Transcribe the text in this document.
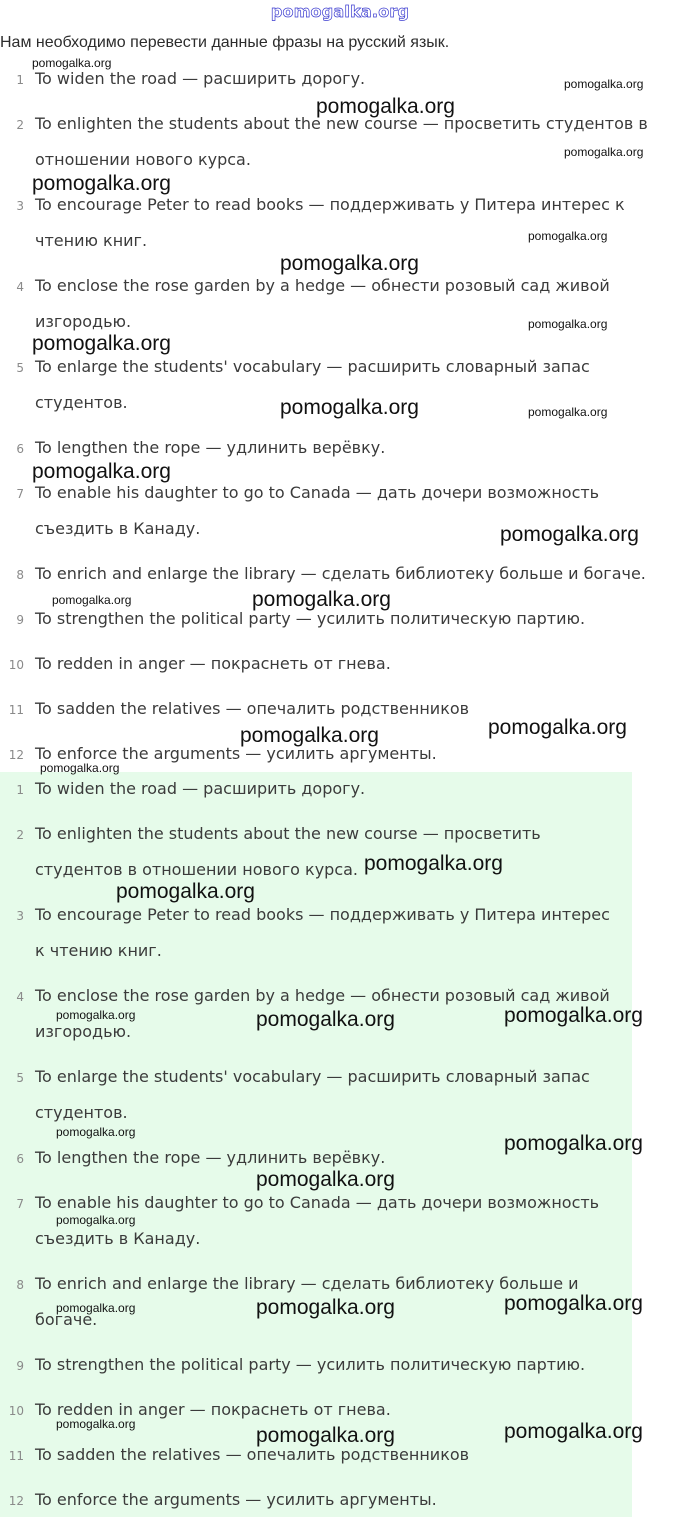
pomogalka.org
Нам необходимо перевести данные фразы на русский язык.
1 To widen the road — расширить дорогу.
2 To enlighten the students about the new course — просветить студентов в
отношении нового курса.
3 To encourage Peter to read books — поддерживать у Питера интерес к
чтению книг.
4 To enclose the rose garden by a hedge — обнести розовый сад живой
изгородью.
5 To enlarge the students' vocabulary — расширить словарный запас
студентов.
6 To lengthen the rope — удлинить верёвку.
7 To enable his daughter to go to Canada — дать дочери возможность
съездить в Канаду.
8 To enrich and enlarge the library — сделать библиотеку больше и богаче.
9 To strengthen the political party — усилить политическую партию.
10 To redden in anger — покраснеть от гнева.
11 To sadden the relatives — опечалить родственников
12 To enforce the arguments — усилить аргументы.
1 To widen the road — расширить дорогу.
2 To enlighten the students about the new course — просветить
студентов в отношении нового курса.
3 To encourage Peter to read books — поддерживать у Питера интерес
к чтению книг.
4 To enclose the rose garden by a hedge — обнести розовый сад живой
изгородью.
5 To enlarge the students' vocabulary — расширить словарный запас
студентов.
6 To lengthen the rope — удлинить верёвку.
7 To enable his daughter to go to Canada — дать дочери возможность
съездить в Канаду.
8 To enrich and enlarge the library — сделать библиотеку больше и
богаче.
9 To strengthen the political party — усилить политическую партию.
10 To redden in anger — покраснеть от гнева.
11 To sadden the relatives — опечалить родственников
12 To enforce the arguments — усилить аргументы.
pomogalka.org
pomogalka.org
pomogalka.org
pomogalka.org
pomogalka.org
pomogalka.org
pomogalka.org
pomogalka.org
pomogalka.org
pomogalka.org
pomogalka.org
pomogalka.org
pomogalka.org	pomogalka.org
pomogalka.org
pomogalka.org
pomogalka.org	pomogalka.org
pomogalka.org	pomogalka.org
pomogalka.org
pomogalka.org
pomogalka.org
pomogalka.org
pomogalka.org
pomogalka.org
pomogalka.org
pomogalka.org
pomogalka.org
pomogalka.org
pomogalka.org
pomogalka.org
pomogalka.org
